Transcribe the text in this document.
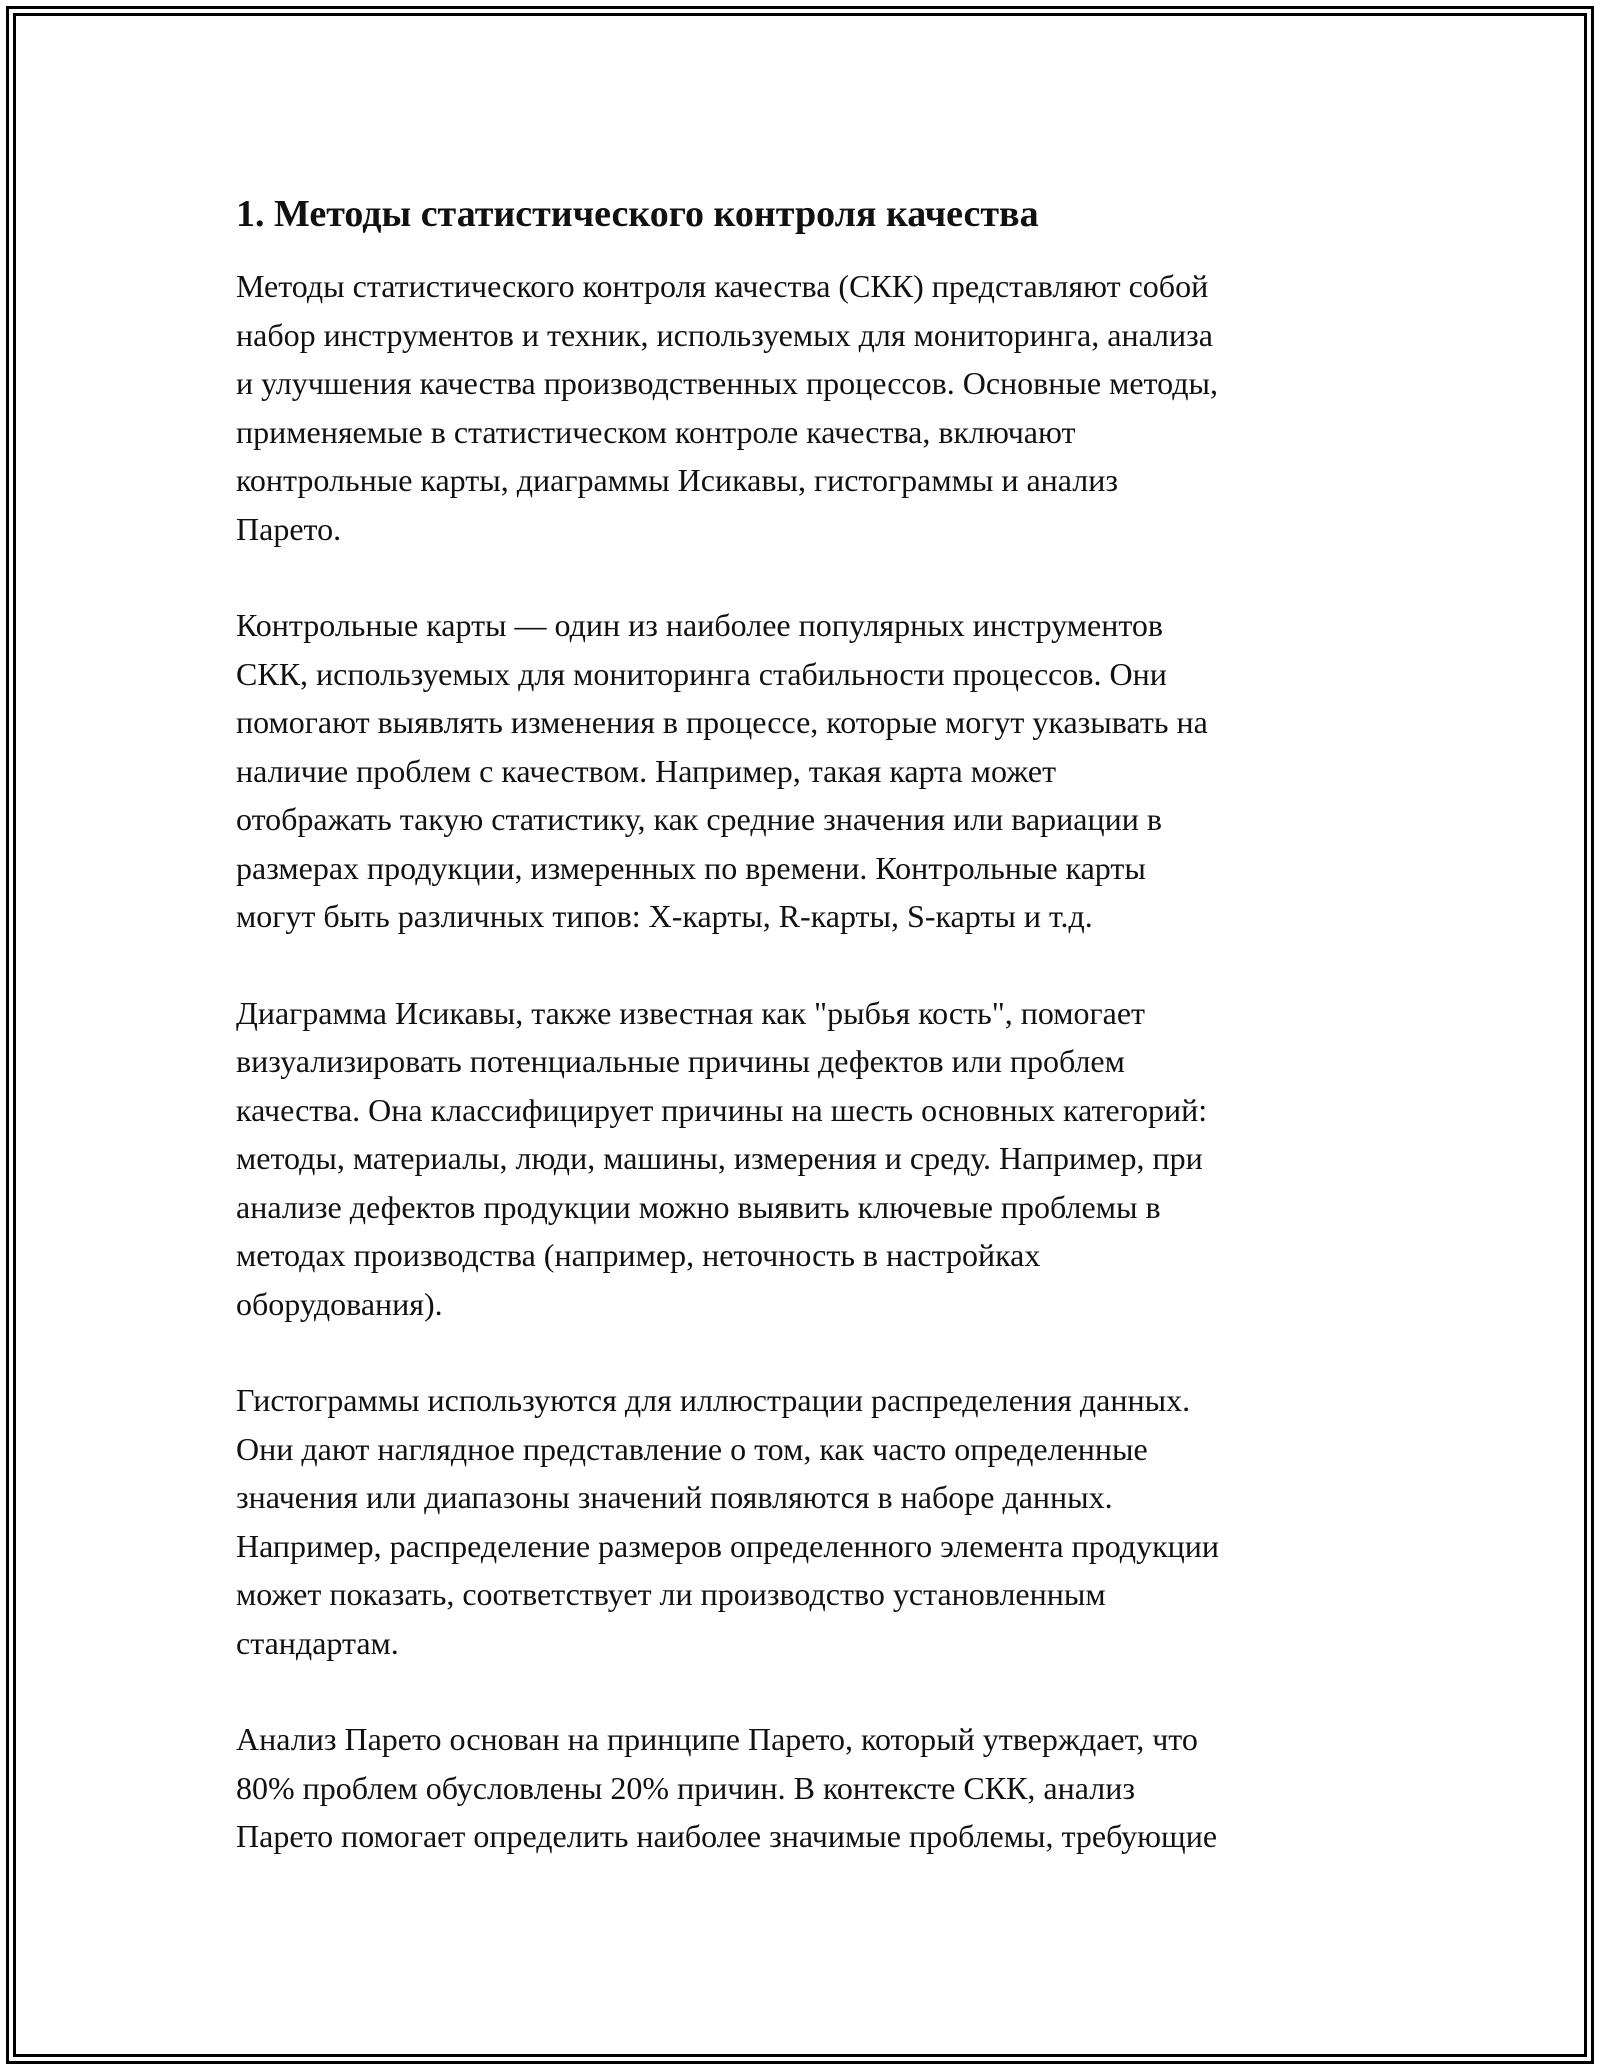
1. Методы статистического контроля качества

Методы статистического контроля качества (СКК) представляют собой
набор инструментов и техник, используемых для мониторинга, анализа
и улучшения качества производственных процессов. Основные методы,
применяемые в статистическом контроле качества, включают
контрольные карты, диаграммы Исикавы, гистограммы и анализ
Парето.

Контрольные карты — один из наиболее популярных инструментов
СКК, используемых для мониторинга стабильности процессов. Они
помогают выявлять изменения в процессе, которые могут указывать на
наличие проблем с качеством. Например, такая карта может
отображать такую статистику, как средние значения или вариации в
размерах продукции, измеренных по времени. Контрольные карты
могут быть различных типов: X-карты, R-карты, S-карты и т.д.

Диаграмма Исикавы, также известная как "рыбья кость", помогает
визуализировать потенциальные причины дефектов или проблем
качества. Она классифицирует причины на шесть основных категорий:
методы, материалы, люди, машины, измерения и среду. Например, при
анализе дефектов продукции можно выявить ключевые проблемы в
методах производства (например, неточность в настройках
оборудования).

Гистограммы используются для иллюстрации распределения данных.
Они дают наглядное представление о том, как часто определенные
значения или диапазоны значений появляются в наборе данных.
Например, распределение размеров определенного элемента продукции
может показать, соответствует ли производство установленным
стандартам.

Анализ Парето основан на принципе Парето, который утверждает, что
80% проблем обусловлены 20% причин. В контексте СКК, анализ
Парето помогает определить наиболее значимые проблемы, требующие
